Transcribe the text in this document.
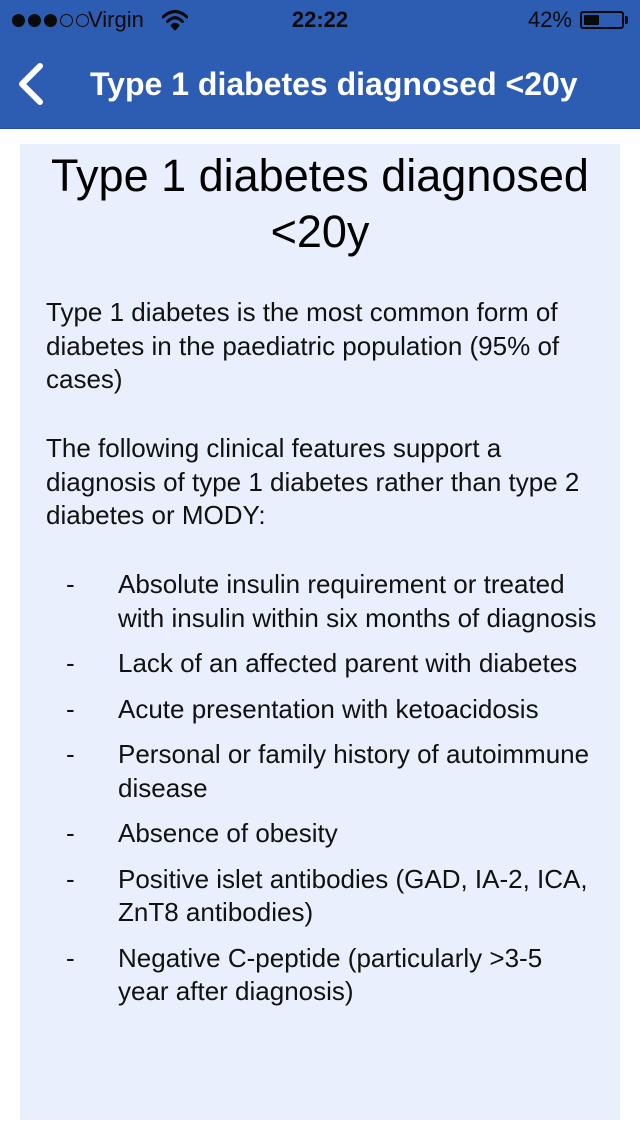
Virgin	22:22	42%
Type 1 diabetes diagnosed <20y
Type 1 diabetes diagnosed <20y

Type 1 diabetes is the most common form of diabetes in the paediatric population (95% of cases)

The following clinical features support a diagnosis of type 1 diabetes rather than type 2 diabetes or MODY:

- Absolute insulin requirement or treated with insulin within six months of diagnosis
- Lack of an affected parent with diabetes
- Acute presentation with ketoacidosis
- Personal or family history of autoimmune disease
- Absence of obesity
- Positive islet antibodies (GAD, IA-2, ICA, ZnT8 antibodies)
- Negative C-peptide (particularly >3-5 year after diagnosis)
